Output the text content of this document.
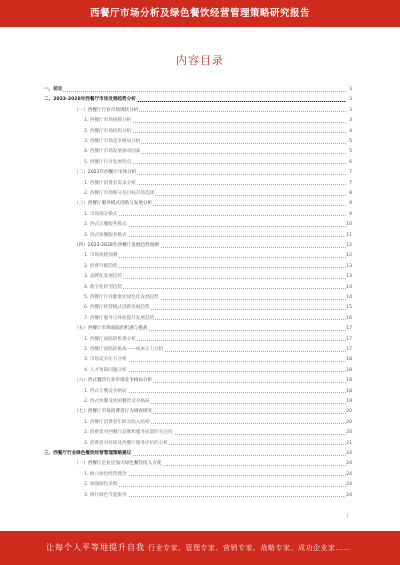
西餐厅市场分析及绿色餐饮经营管理策略研究报告
内容目录
一、前言	3
二、2023-2028年西餐厅市场发展趋势分析	3
（一）西餐厅行业市场现状分析	3
1. 西餐厅市场规模分析	3
2. 西餐厅市场结构分析	4
3. 西餐厅市场竞争格局分析	5
4. 西餐厅市场发展驱动因素	5
5. 西餐厅行业发展特点	6
（二）2023年西餐厅市场分析	7
1. 西餐厅消费者需求分析	7
2. 西餐厅市场细分及目标市场选择	8
（三）西餐厅服务模式创新与发展分析	9
1. 市场细分模式	9
2. 西式正餐服务模式	10
3. 西式快餐服务模式	11
（四）2023-2028年西餐厅发展趋势预测	12
1. 市场规模预测	12
2. 消费升级趋势	13
3. 品牌化发展趋势	13
4. 数字化转型趋势	14
5. 西餐厅行业健康化绿色化发展趋势	14
6. 西餐厅经营模式创新发展趋势	15
7. 西餐厅服务与体验提升发展趋势	16
（五）西餐厅市场面临的机遇与挑战	17
1. 西餐厅面临的机遇分析	17
2. 西餐厅面临的挑战——成本压力分析	17
3. 市场竞争压力分析	18
4. 人才短缺问题分析	18
（六）西式餐饮行业市场竞争格局分析	18
1. 西式正餐竞争格局	18
2. 西式快餐及休闲餐饮竞争格局	19
（七）西餐厅市场消费者行为调查研究	20
1. 西餐厅消费者年龄及收入结构	20
2. 消费者对西餐厅品牌和服务质量的关注度	20
3. 消费者对环境及西餐厅服务评价的分析	21
三、西餐厅行业绿色餐饮经营管理策略建议	24
（一）西餐厅企业应加大绿色餐饮投入力度	24
1. 树立绿色经营理念	24
2. 加强绿色采购	24
3. 推行绿色节能服务	24
1
让每个人平等地提升自我 行业专家、管理专家、营销专家、战略专家、成功企业家……
